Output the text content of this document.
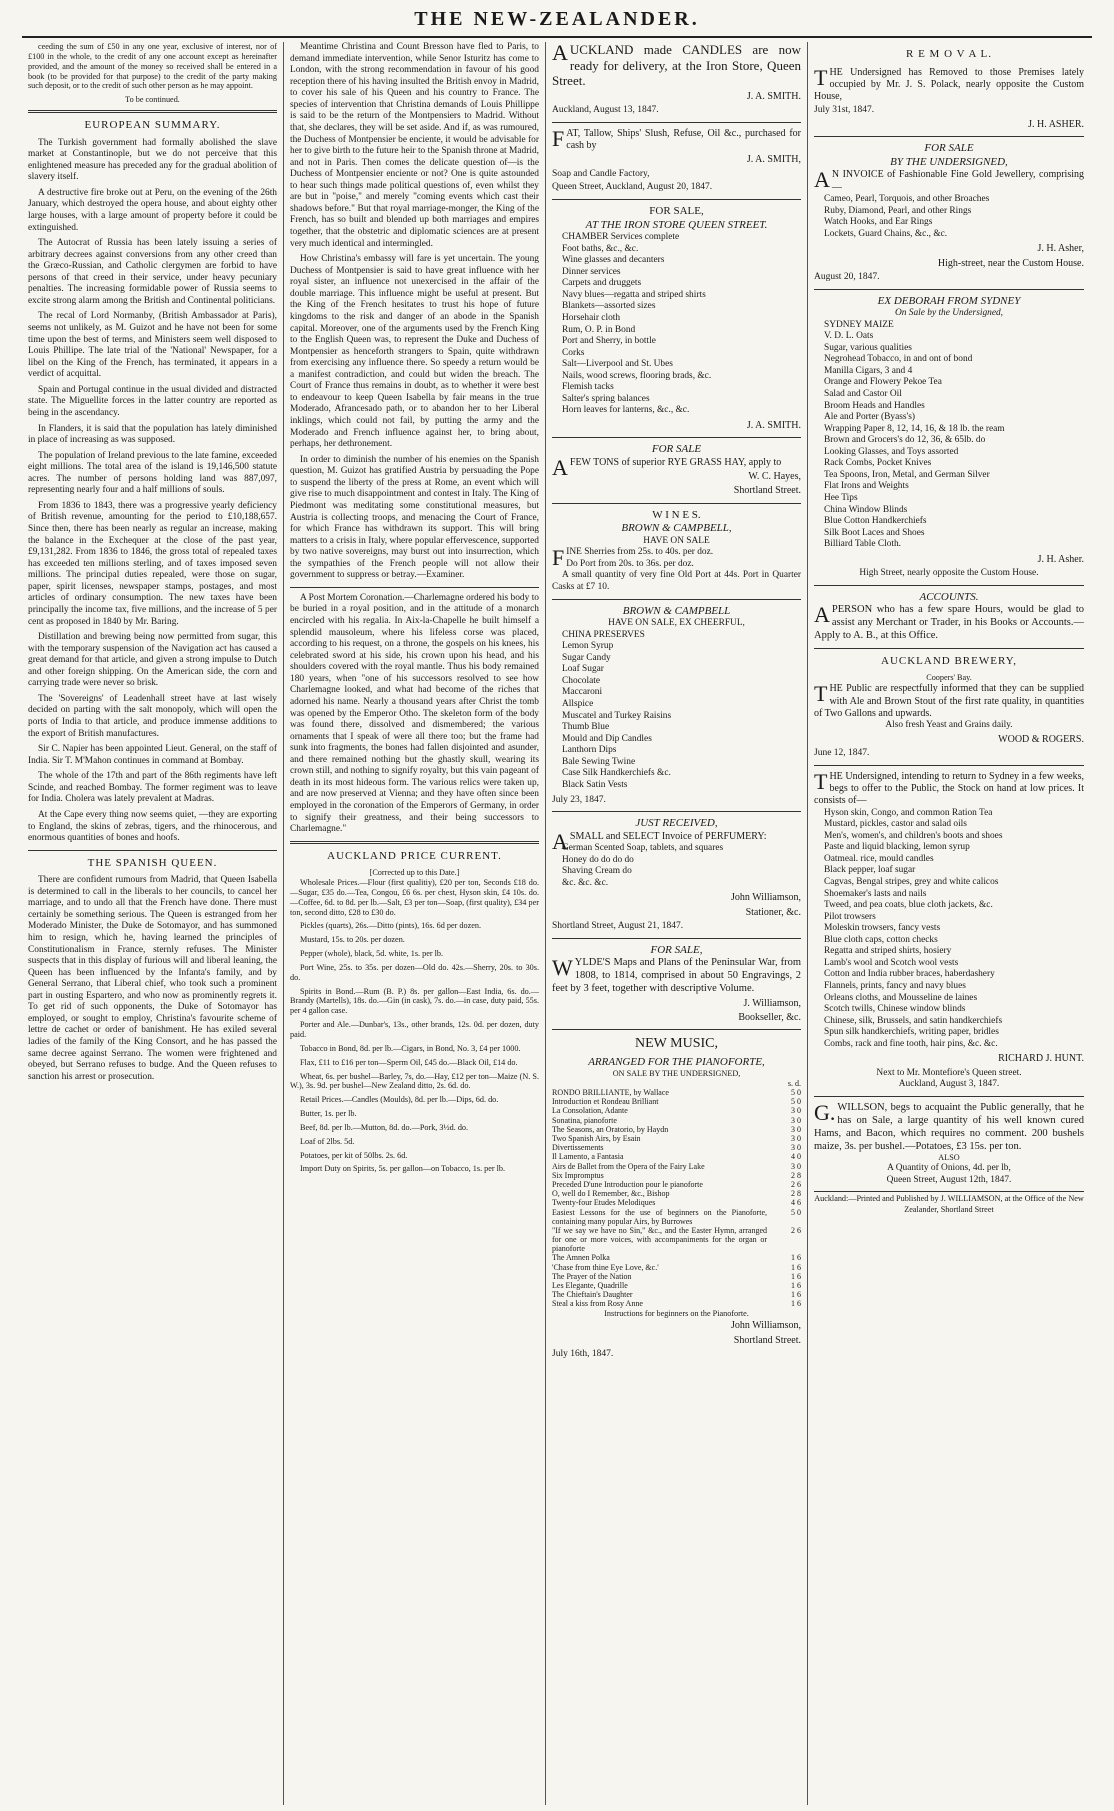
THE NEW-ZEALANDER.

ceeding the sum of £50 in any one year, exclusive of interest, nor of £100 in the whole, to the credit of any one account except as hereinafter provided, and the amount of the money so received shall be entered in a book (to be provided for that purpose) to the credit of the party making such deposit, or to the credit of such other person as he may appoint.

To be continued.
EUROPEAN SUMMARY.

The Turkish government had formally abolished the slave market at Constantinople, but we do not perceive that this enlightened measure has preceded any for the gradual abolition of slavery itself.

A destructive fire broke out at Peru, on the evening of the 26th January, which destroyed the opera house, and about eighty other large houses, with a large amount of property before it could be extinguished.

The Autocrat of Russia has been lately issuing a series of arbitrary decrees against conversions from any other creed than the Græco-Russian, and Catholic clergymen are forbid to have persons of that creed in their service, under heavy pecuniary penalties. The increasing formidable power of Russia seems to excite strong alarm among the British and Continental politicians.

The recal of Lord Normanby, (British Ambassador at Paris), seems not unlikely, as M. Guizot and he have not been for some time upon the best of terms, and Ministers seem well disposed to Louis Phillipe. The late trial of the 'National' Newspaper, for a libel on the King of the French, has terminated, it appears in a verdict of acquittal.

Spain and Portugal continue in the usual divided and distracted state. The Miguellite forces in the latter country are reported as being in the ascendancy.

In Flanders, it is said that the population has lately diminished in place of increasing as was supposed.

The population of Ireland previous to the late famine, exceeded eight millions. The total area of the island is 19,146,500 statute acres. The number of persons holding land was 887,097, representing nearly four and a half millions of souls.

From 1836 to 1843, there was a progressive yearly deficiency of British revenue, amounting for the period to £10,188,657. Since then, there has been nearly as regular an increase, making the balance in the Exchequer at the close of the past year, £9,131,282. From 1836 to 1846, the gross total of repealed taxes has exceeded ten millions sterling, and of taxes imposed seven millions. The principal duties repealed, were those on sugar, paper, spirit licenses, newspaper stamps, postages, and most articles of ordinary consumption. The new taxes have been principally the income tax, five millions, and the increase of 5 per cent as proposed in 1840 by Mr. Baring.

Distillation and brewing being now permitted from sugar, this with the temporary suspension of the Navigation act has caused a great demand for that article, and given a strong impulse to Dutch and other foreign shipping. On the American side, the corn and carrying trade were never so brisk.

The 'Sovereigns' of Leadenhall street have at last wisely decided on parting with the salt monopoly, which will open the ports of India to that article, and produce immense additions to the export of British manufactures.

Sir C. Napier has been appointed Lieut. General, on the staff of India. Sir T. M'Mahon continues in command at Bombay.

The whole of the 17th and part of the 86th regiments have left Scinde, and reached Bombay. The former regiment was to leave for India. Cholera was lately prevalent at Madras.

At the Cape every thing now seems quiet, —they are exporting to England, the skins of zebras, tigers, and the rhinocerous, and enormous quantities of bones and hoofs.

THE SPANISH QUEEN.

There are confident rumours from Madrid, that Queen Isabella is determined to call in the liberals to her councils, to cancel her marriage, and to undo all that the French have done. There must certainly be something serious. The Queen is estranged from her Moderado Minister, the Duke de Sotomayor, and has summoned him to resign, which he, having learned the principles of Constitutionalism in France, sternly refuses. The Minister suspects that in this display of furious will and liberal leaning, the Queen has been influenced by the Infanta's family, and by General Serrano, that Liberal chief, who took such a prominent part in ousting Espartero, and who now as prominently regrets it. To get rid of such opponents, the Duke of Sotomayor has employed, or sought to employ, Christina's favourite scheme of lettre de cachet or order of banishment. He has exiled several ladies of the family of the King Consort, and he has passed the same decree against Serrano. The women were frightened and obeyed, but Serrano refuses to budge. And the Queen refuses to sanction his arrest or prosecution.

Meantime Christina and Count Bresson have fled to Paris, to demand immediate intervention, while Senor Isturitz has come to London, with the strong recommendation in favour of his good reception there of his having insulted the British envoy in Madrid, to cover his sale of his Queen and his country to France. The species of intervention that Christina demands of Louis Phillippe is said to be the return of the Montpensiers to Madrid. Without that, she declares, they will be set aside. And if, as was rumoured, the Duchess of Montpensier be enciente, it would be advisable for her to give birth to the future heir to the Spanish throne at Madrid, and not in Paris. Then comes the delicate question of—is the Duchess of Montpensier enciente or not? One is quite astounded to hear such things made political questions of, even whilst they are but in "poise," and merely "coming events which cast their shadows before." But that royal marriage-monger, the King of the French, has so built and blended up both marriages and empires together, that the obstetric and diplomatic sciences are at present very much identical and intermingled.

How Christina's embassy will fare is yet uncertain. The young Duchess of Montpensier is said to have great influence with her royal sister, an influence not unexercised in the affair of the double marriage. This influence might be useful at present. But the King of the French hesitates to trust his hope of future kingdoms to the risk and danger of an abode in the Spanish capital. Moreover, one of the arguments used by the French King to the English Queen was, to represent the Duke and Duchess of Montpensier as henceforth strangers to Spain, quite withdrawn from exercising any influence there. So speedy a return would be a manifest contradiction, and could but widen the breach. The Court of France thus remains in doubt, as to whether it were best to endeavour to keep Queen Isabella by fair means in the true Moderado, Afrancesado path, or to abandon her to her Liberal inklings, which could not fail, by putting the army and the Moderado and French influence against her, to bring about, perhaps, her dethronement.

In order to diminish the number of his enemies on the Spanish question, M. Guizot has gratified Austria by persuading the Pope to suspend the liberty of the press at Rome, an event which will give rise to much disappointment and contest in Italy. The King of Piedmont was meditating some constitutional measures, but Austria is collecting troops, and menacing the Court of France, for which France has withdrawn its support. This will bring matters to a crisis in Italy, where popular effervescence, supported by two native sovereigns, may burst out into insurrection, which the sympathies of the French people will not allow their government to suppress or betray.—Examiner.

A Post Mortem Coronation.—Charlemagne ordered his body to be buried in a royal position, and in the attitude of a monarch encircled with his regalia. In Aix-la-Chapelle he built himself a splendid mausoleum, where his lifeless corse was placed, according to his request, on a throne, the gospels on his knees, his celebrated sword at his side, his crown upon his head, and his shoulders covered with the royal mantle. Thus his body remained 180 years, when "one of his successors resolved to see how Charlemagne looked, and what had become of the riches that adorned his name. Nearly a thousand years after Christ the tomb was opened by the Emperor Otho. The skeleton form of the body was found there, dissolved and dismembered; the various ornaments that I speak of were all there too; but the frame had sunk into fragments, the bones had fallen disjointed and asunder, and there remained nothing but the ghastly skull, wearing its crown still, and nothing to signify royalty, but this vain pageant of death in its most hideous form. The various relics were taken up, and are now preserved at Vienna; and they have often since been employed in the coronation of the Emperors of Germany, in order to signify their greatness, and their being successors to Charlemagne."

AUCKLAND PRICE CURRENT.
[Corrected up to this Date.]

Wholesale Prices.—Flour (first qualitiy), £20 per ton, Seconds £18 do.—Sugar, £35 do.—Tea, Congou, £6 6s. per chest, Hyson skin, £4 10s. do.—Coffee, 6d. to 8d. per lb.—Salt, £3 per ton—Soap, (first quality), £34 per ton, second ditto, £28 to £30 do.

Pickles (quarts), 26s.—Ditto (pints), 16s. 6d per dozen.

Mustard, 15s. to 20s. per dozen.

Pepper (whole), black, 5d. white, 1s. per lb.

Port Wine, 25s. to 35s. per dozen—Old do. 42s.—Sherry, 20s. to 30s. do.

Spirits in Bond.—Rum (B. P.) 8s. per gallon—East India, 6s. do.—Brandy (Martells), 18s. do.—Gin (in cask), 7s. do.—in case, duty paid, 55s. per 4 gallon case.

Porter and Ale.—Dunbar's, 13s., other brands, 12s. 0d. per dozen, duty paid.

Tobacco in Bond, 8d. per lb.—Cigars, in Bond, No. 3, £4 per 1000.

Flax, £11 to £16 per ton—Sperm Oil, £45 do.—Black Oil, £14 do.

Wheat, 6s. per bushel—Barley, 7s, do.—Hay, £12 per ton—Maize (N. S. W.), 3s. 9d. per bushel—New Zealand ditto, 2s. 6d. do.

Retail Prices.—Candles (Moulds), 8d. per lb.—Dips, 6d. do.

Butter, 1s. per lb.

Beef, 8d. per lb.—Mutton, 8d. do.—Pork, 3½d. do.

Loaf of 2lbs. 5d.

Potatoes, per kit of 50lbs. 2s. 6d.

Import Duty on Spirits, 5s. per gallon—on Tobacco, 1s. per lb.

AUCKLAND made CANDLES are now ready for delivery, at the Iron Store, Queen Street.
J. A. SMITH.
Auckland, August 13, 1847.
FAT, Tallow, Ships' Slush, Refuse, Oil &c., purchased for cash by
J. A. SMITH,
Soap and Candle Factory,
Queen Street, Auckland, August 20, 1847.
FOR SALE,
AT THE IRON STORE QUEEN STREET.
CHAMBER Services complete
Foot baths, &c., &c.
Wine glasses and decanters
Dinner services
Carpets and druggets
Navy blues—regatta and striped shirts
Blankets—assorted sizes
Horsehair cloth
Rum, O. P. in Bond
Port and Sherry, in bottle
Corks
Salt—Liverpool and St. Ubes
Nails, wood screws, flooring brads, &c.
Flemish tacks
Salter's spring balances
Horn leaves for lanterns, &c., &c.
J. A. SMITH.
FOR SALE
AFEW TONS of superior RYE GRASS HAY, apply to
W. C. Hayes,
Shortland Street.
W I N E S.
BROWN & CAMPBELL,
HAVE ON SALE
FINE Sherries from 25s. to 40s. per doz.
Do Port from 20s. to 36s. per doz.

A small quantity of very fine Old Port at 44s. Port in Quarter Casks at £7 10.

BROWN & CAMPBELL
HAVE ON SALE, EX CHEERFUL,
CHINA PRESERVES
Lemon Syrup
Sugar Candy
Loaf Sugar
Chocolate
Maccaroni
Allspice
Muscatel and Turkey Raisins
Thumb Blue
Mould and Dip Candles
Lanthorn Dips
Bale Sewing Twine
Case Silk Handkerchiefs &c.
Black Satin Vests
July 23, 1847.
JUST RECEIVED,
ASMALL and SELECT Invoice of PERFUMERY:
German Scented Soap, tablets, and squares
Honey do do do do
Shaving Cream do
&c. &c. &c.
John Williamson,
Stationer, &c.
Shortland Street, August 21, 1847.
FOR SALE,
WYLDE'S Maps and Plans of the Peninsular War, from 1808, to 1814, comprised in about 50 Engravings, 2 feet by 3 feet, together with descriptive Volume.
J. Williamson,
Bookseller, &c.
NEW MUSIC,
ARRANGED FOR THE PIANOFORTE,
ON SALE BY THE UNDERSIGNED,
	s. d.
RONDO BRILLIANTE, by Wallace	5 0
Introduction et Rondeau Brilliant	5 0
La Consolation, Adante	3 0
Sonatina, pianoforte	3 0
The Seasons, an Oratorio, by Haydn	3 0
Two Spanish Airs, by Esain	3 0
Divertissements	3 0
Il Lamento, a Fantasia	4 0
Airs de Ballet from the Opera of the Fairy Lake	3 0
Six Impromptus	2 8
Preceded D'une Introduction pour le pianoforte	2 6
O, well do I Remember, &c., Bishop	2 8
Twenty-four Etudes Melodiques	4 6
Easiest Lessons for the use of beginners on the Pianoforte, containing many popular Airs, by Burrowes	5 0
"If we say we have no Sin," &c., and the Easter Hymn, arranged for one or more voices, with accompaniments for the organ or pianoforte	2 6
The Amnen Polka	1 6
'Chase from thine Eye Love, &c.'	1 6
The Prayer of the Nation	1 6
Les Elegante, Quadrille	1 6
The Chieftain's Daughter	1 6
Steal a kiss from Rosy Anne	1 6
Instructions for beginners on the Pianoforte.
John Williamson,
Shortland Street.
July 16th, 1847.
R E M O V A L.
THE Undersigned has Removed to those Premises lately occupied by Mr. J. S. Polack, nearly opposite the Custom House,
July 31st, 1847.
J. H. ASHER.
FOR SALE
BY THE UNDERSIGNED,
AN INVOICE of Fashionable Fine Gold Jewellery, comprising—
Cameo, Pearl, Torquois, and other Broaches
Ruby, Diamond, Pearl, and other Rings
Watch Hooks, and Ear Rings
Lockets, Guard Chains, &c., &c.
J. H. Asher,
High-street, near the Custom House.
August 20, 1847.
EX DEBORAH FROM SYDNEY
On Sale by the Undersigned,
SYDNEY MAIZE
V. D. L. Oats
Sugar, various qualities
Negrohead Tobacco, in and ont of bond
Manilla Cigars, 3 and 4
Orange and Flowery Pekoe Tea
Salad and Castor Oil
Broom Heads and Handles
Ale and Porter (Byass's)
Wrapping Paper 8, 12, 14, 16, & 18 lb. the ream
Brown and Grocers's do 12, 36, & 65lb. do
Looking Glasses, and Toys assorted
Rack Combs, Pocket Knives
Tea Spoons, Iron, Metal, and German Silver
Flat Irons and Weights
Hee Tips
China Window Blinds
Blue Cotton Handkerchiefs
Silk Boot Laces and Shoes
Billiard Table Cloth.
J. H. Asher.
High Street, nearly opposite the Custom House.
ACCOUNTS.
APERSON who has a few spare Hours, would be glad to assist any Merchant or Trader, in his Books or Accounts.—Apply to A. B., at this Office.
AUCKLAND BREWERY,
Coopers' Bay.
THE Public are respectfully informed that they can be supplied with Ale and Brown Stout of the first rate quality, in quantities of Two Gallons and upwards.
Also fresh Yeast and Grains daily.
WOOD & ROGERS.
June 12, 1847.
THE Undersigned, intending to return to Sydney in a few weeks, begs to offer to the Public, the Stock on hand at low prices. It consists of—
Hyson skin, Congo, and common Ration Tea
Mustard, pickles, castor and salad oils
Men's, women's, and children's boots and shoes
Paste and liquid blacking, lemon syrup
Oatmeal. rice, mould candles
Black pepper, loaf sugar
Cagvas, Bengal stripes, grey and white calicos
Shoemaker's lasts and nails
Tweed, and pea coats, blue cloth jackets, &c.
Pilot trowsers
Moleskin trowsers, fancy vests
Blue cloth caps, cotton checks
Regatta and striped shirts, hosiery
Lamb's wool and Scotch wool vests
Cotton and India rubber braces, haberdashery
Flannels, prints, fancy and navy blues
Orleans cloths, and Mousseline de laines
Scotch twills, Chinese window blinds
Chinese, silk, Brussels, and satin handkerchiefs
Spun silk handkerchiefs, writing paper, bridles
Combs, rack and fine tooth, hair pins, &c. &c.
RICHARD J. HUNT.
Next to Mr. Montefiore's Queen street.
Auckland, August 3, 1847.
G.WILLSON, begs to acquaint the Public generally, that he has on Sale, a large quantity of his well known cured Hams, and Bacon, which requires no comment. 200 bushels maize, 3s. per bushel.—Potatoes, £3 15s. per ton.
ALSO
A Quantity of Onions, 4d. per lb,
Queen Street, August 12th, 1847.
Auckland:—Printed and Published by J. WILLIAMSON, at the Office of the New Zealander, Shortland Street
